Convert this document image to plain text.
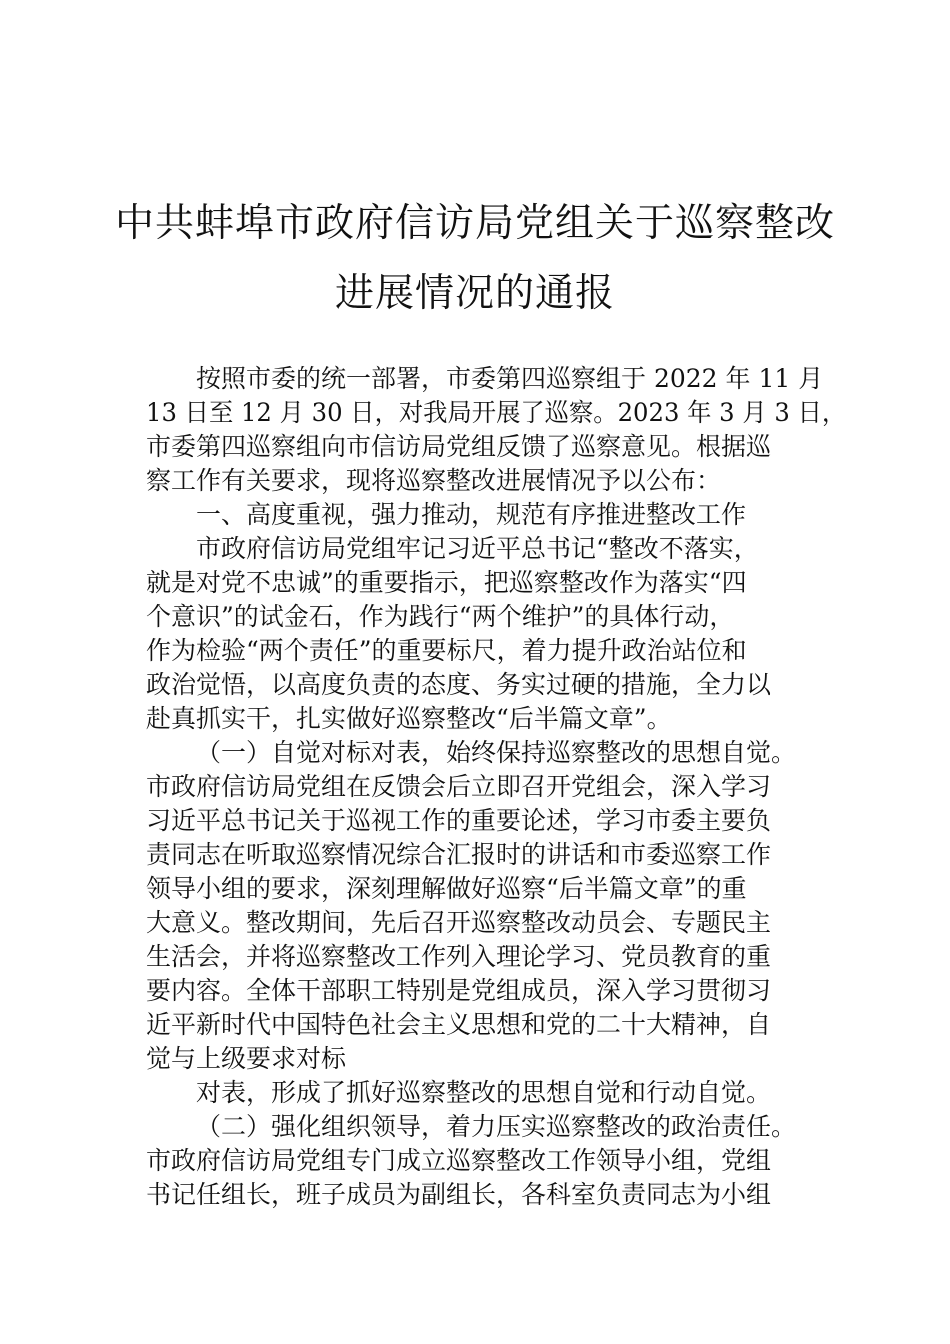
中共蚌埠市政府信访局党组关于巡察整改
进展情况的通报
按照市委的统一部署，市委第四巡察组于 2022 年 11 月
13 日至 12 月 30 日，对我局开展了巡察。2023 年 3 月 3 日，
市委第四巡察组向市信访局党组反馈了巡察意见。根据巡
察工作有关要求，现将巡察整改进展情况予以公布：
一、高度重视，强力推动，规范有序推进整改工作
市政府信访局党组牢记习近平总书记“整改不落实，
就是对党不忠诚”的重要指示，把巡察整改作为落实“四
个意识”的试金石，作为践行“两个维护”的具体行动，
作为检验“两个责任”的重要标尺，着力提升政治站位和
政治觉悟，以高度负责的态度、务实过硬的措施，全力以
赴真抓实干，扎实做好巡察整改“后半篇文章”。
（一）自觉对标对表，始终保持巡察整改的思想自觉。
市政府信访局党组在反馈会后立即召开党组会，深入学习
习近平总书记关于巡视工作的重要论述，学习市委主要负
责同志在听取巡察情况综合汇报时的讲话和市委巡察工作
领导小组的要求，深刻理解做好巡察“后半篇文章”的重
大意义。整改期间，先后召开巡察整改动员会、专题民主
生活会，并将巡察整改工作列入理论学习、党员教育的重
要内容。全体干部职工特别是党组成员，深入学习贯彻习
近平新时代中国特色社会主义思想和党的二十大精神，自
觉与上级要求对标
对表，形成了抓好巡察整改的思想自觉和行动自觉。
（二）强化组织领导，着力压实巡察整改的政治责任。
市政府信访局党组专门成立巡察整改工作领导小组，党组
书记任组长，班子成员为副组长，各科室负责同志为小组
